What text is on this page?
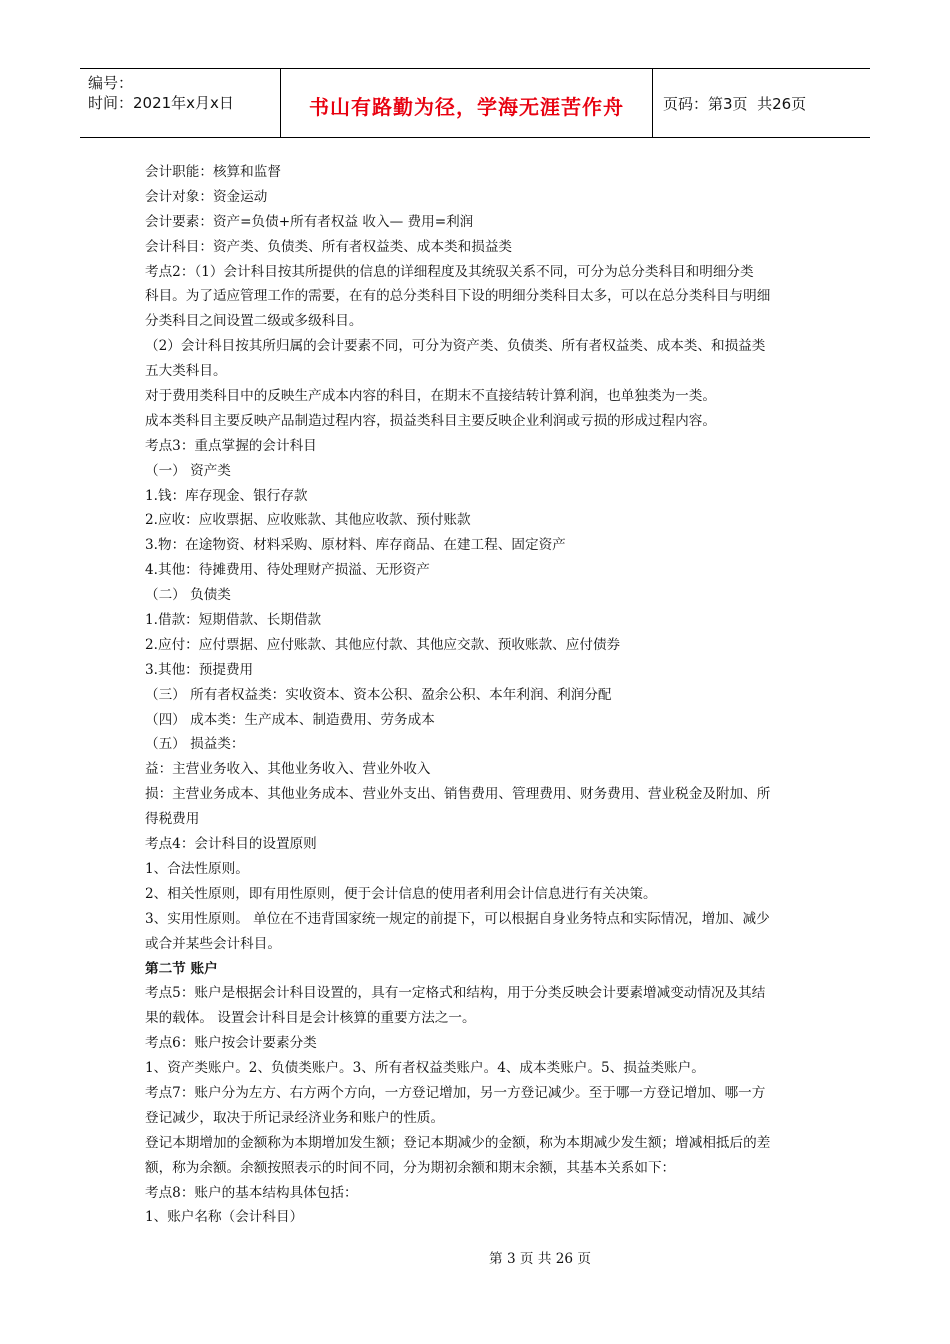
编号：
时间：2021年x月x日	书山有路勤为径，学海无涯苦作舟	页码：第3页  共26页
会计职能：核算和监督
会计对象：资金运动
会计要素：资产=负债+所有者权益 收入— 费用=利润
会计科目：资产类、负债类、所有者权益类、成本类和损益类
考点2：（1）会计科目按其所提供的信息的详细程度及其统驭关系不同，可分为总分类科目和明细分类
科目。为了适应管理工作的需要，在有的总分类科目下设的明细分类科目太多，可以在总分类科目与明细
分类科目之间设置二级或多级科目。
（2）会计科目按其所归属的会计要素不同，可分为资产类、负债类、所有者权益类、成本类、和损益类
五大类科目。
对于费用类科目中的反映生产成本内容的科目，在期末不直接结转计算利润，也单独类为一类。
成本类科目主要反映产品制造过程内容，损益类科目主要反映企业利润或亏损的形成过程内容。
考点3：重点掌握的会计科目
（一） 资产类
1.钱：库存现金、银行存款
2.应收：应收票据、应收账款、其他应收款、预付账款
3.物：在途物资、材料采购、原材料、库存商品、在建工程、固定资产
4.其他：待摊费用、待处理财产损溢、无形资产
（二） 负债类
1.借款：短期借款、长期借款
2.应付：应付票据、应付账款、其他应付款、其他应交款、预收账款、应付债券
3.其他：预提费用
（三） 所有者权益类：实收资本、资本公积、盈余公积、本年利润、利润分配
（四） 成本类：生产成本、制造费用、劳务成本
（五） 损益类：
益：主营业务收入、其他业务收入、营业外收入
损：主营业务成本、其他业务成本、营业外支出、销售费用、管理费用、财务费用、营业税金及附加、所
得税费用
考点4：会计科目的设置原则
1、合法性原则。
2、相关性原则，即有用性原则，便于会计信息的使用者利用会计信息进行有关决策。
3、实用性原则。 单位在不违背国家统一规定的前提下，可以根据自身业务特点和实际情况，增加、减少
或合并某些会计科目。
第二节 账户
考点5：账户是根据会计科目设置的，具有一定格式和结构，用于分类反映会计要素增减变动情况及其结
果的载体。 设置会计科目是会计核算的重要方法之一。
考点6：账户按会计要素分类
1、资产类账户。2、负债类账户。3、所有者权益类账户。4、成本类账户。5、损益类账户。
考点7：账户分为左方、右方两个方向，一方登记增加，另一方登记减少。至于哪一方登记增加、哪一方
登记减少，取决于所记录经济业务和账户的性质。
登记本期增加的金额称为本期增加发生额；登记本期减少的金额，称为本期减少发生额；增减相抵后的差
额，称为余额。余额按照表示的时间不同，分为期初余额和期末余额，其基本关系如下：
考点8：账户的基本结构具体包括：
1、账户名称（会计科目）
第 3 页 共 26 页
